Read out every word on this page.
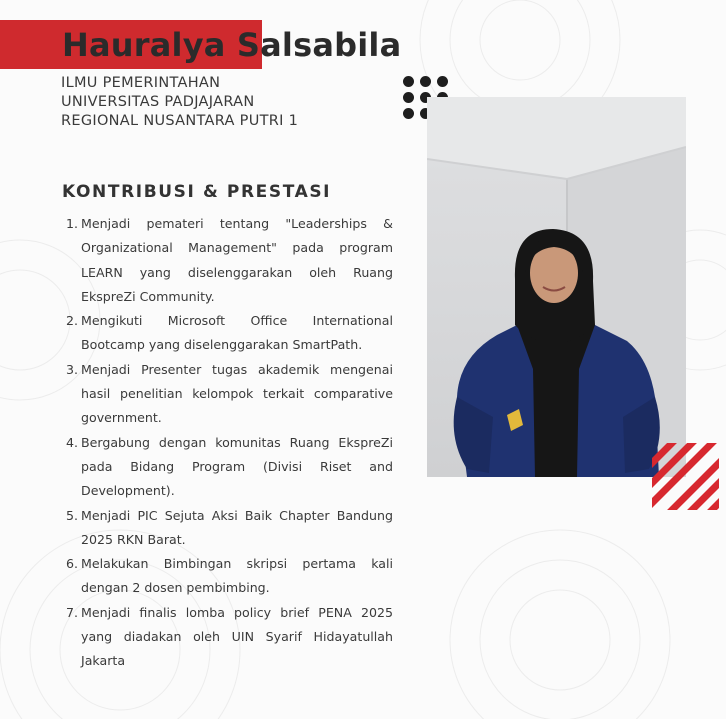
Hauralya Salsabila
ILMU PEMERINTAHAN
UNIVERSITAS PADJAJARAN
REGIONAL NUSANTARA PUTRI 1
KONTRIBUSI & PRESTASI
1. Menjadi pemateri tentang "Leaderships & Organizational Management" pada program LEARN yang diselenggarakan oleh Ruang EkspreZi Community.
2. Mengikuti Microsoft Office International Bootcamp yang diselenggarakan SmartPath.
3. Menjadi Presenter tugas akademik mengenai hasil penelitian kelompok terkait comparative government.
4. Bergabung dengan komunitas Ruang EkspreZi pada Bidang Program (Divisi Riset and Development).
5. Menjadi PIC Sejuta Aksi Baik Chapter Bandung 2025 RKN Barat.
6. Melakukan Bimbingan skripsi pertama kali dengan 2 dosen pembimbing.
7. Menjadi finalis lomba policy brief PENA 2025 yang diadakan oleh UIN Syarif Hidayatullah Jakarta
